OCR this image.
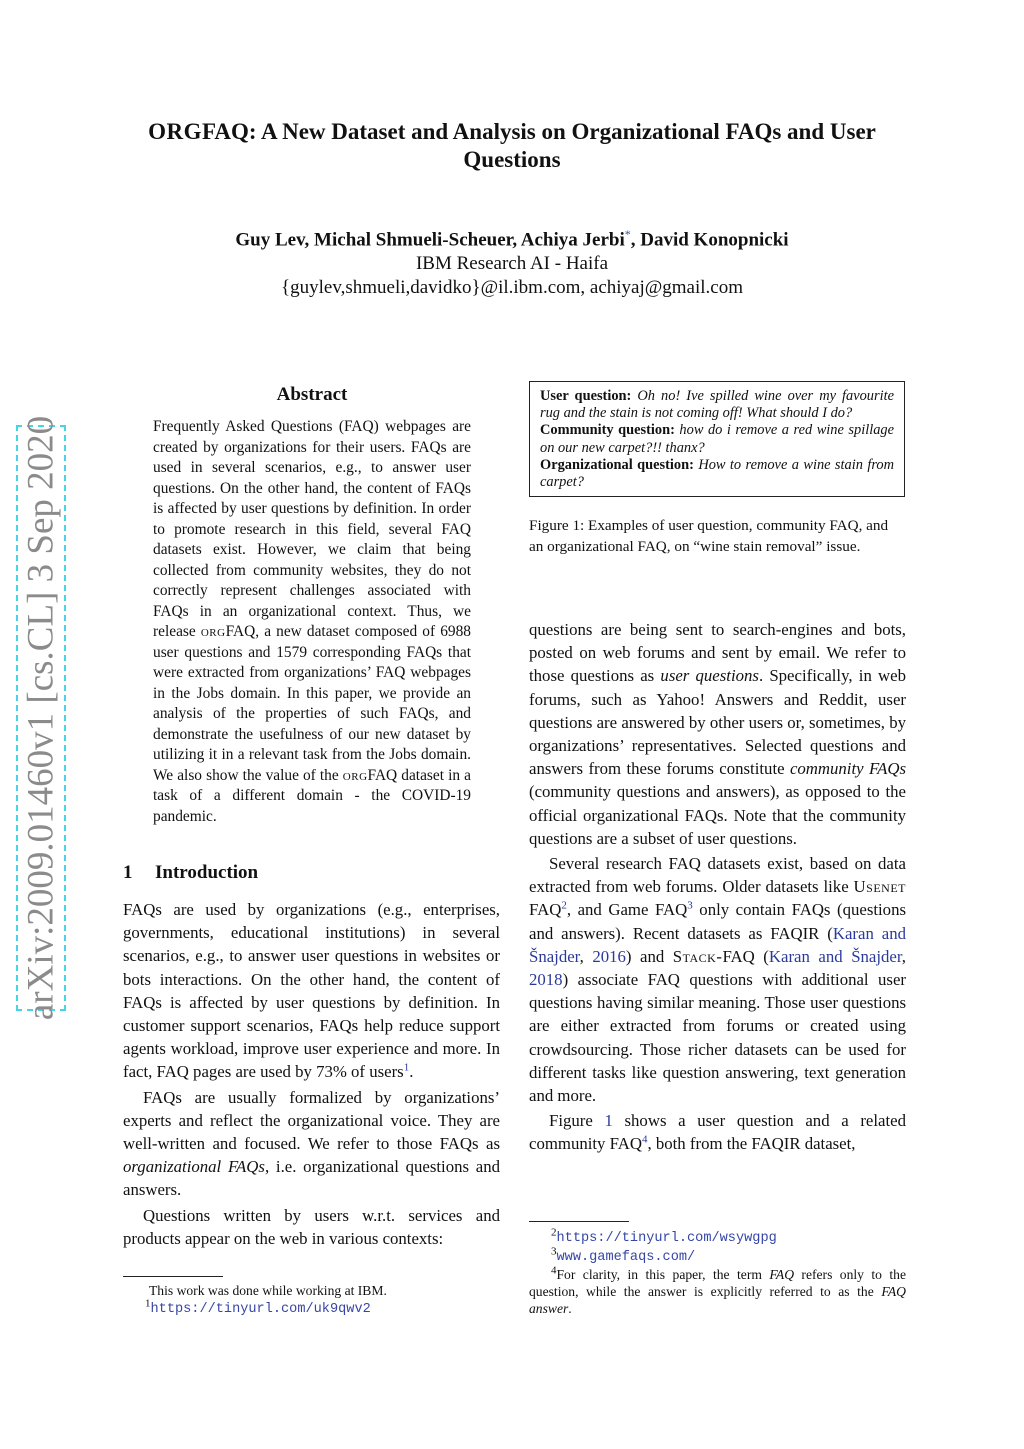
ORGFAQ: A New Dataset and Analysis on Organizational FAQs and User Questions
Guy Lev, Michal Shmueli-Scheuer, Achiya Jerbi*, David Konopnicki
IBM Research AI - Haifa
{guylev,shmueli,davidko}@il.ibm.com, achiyaj@gmail.com
arXiv:2009.01460v1 [cs.CL] 3 Sep 2020
Abstract
Frequently Asked Questions (FAQ) webpages are created by organizations for their users. FAQs are used in several scenarios, e.g., to answer user questions. On the other hand, the content of FAQs is affected by user questions by definition. In order to promote research in this field, several FAQ datasets exist. However, we claim that being collected from community websites, they do not correctly represent challenges associated with FAQs in an organizational context. Thus, we release orgFAQ, a new dataset composed of 6988 user questions and 1579 corresponding FAQs that were extracted from organizations’ FAQ webpages in the Jobs domain. In this paper, we provide an analysis of the properties of such FAQs, and demonstrate the usefulness of our new dataset by utilizing it in a relevant task from the Jobs domain. We also show the value of the orgFAQ dataset in a task of a different domain - the COVID-19 pandemic.
1 Introduction

FAQs are used by organizations (e.g., enterprises, governments, educational institutions) in several scenarios, e.g., to answer user questions in websites or bots interactions. On the other hand, the content of FAQs is affected by user questions by definition. In customer support scenarios, FAQs help reduce support agents workload, improve user experience and more. In fact, FAQ pages are used by 73% of users$^1$.

FAQs are usually formalized by organizations’ experts and reflect the organizational voice. They are well-written and focused. We refer to those FAQs as organizational FAQs, i.e. organizational questions and answers.

Questions written by users w.r.t. services and products appear on the web in various contexts:

This work was done while working at IBM.
$^1$https://tinyurl.com/uk9qwv2
User question: Oh no! Ive spilled wine over my favourite rug and the stain is not coming off! What should I do?
Community question: how do i remove a red wine spillage on our new carpet?!! thanx?
Organizational question: How to remove a wine stain from carpet?
Figure 1: Examples of user question, community FAQ, and an organizational FAQ, on “wine stain removal” issue.

questions are being sent to search-engines and bots, posted on web forums and sent by email. We refer to those questions as user questions. Specifically, in web forums, such as Yahoo! Answers and Reddit, user questions are answered by other users or, sometimes, by organizations’ representatives. Selected questions and answers from these forums constitute community FAQs (community questions and answers), as opposed to the official organizational FAQs. Note that the community questions are a subset of user questions.

Several research FAQ datasets exist, based on data extracted from web forums. Older datasets like Usenet FAQ$^2$, and Game FAQ$^3$ only contain FAQs (questions and answers). Recent datasets as FAQIR (Karan and Šnajder, 2016) and Stack-FAQ (Karan and Šnajder, 2018) associate FAQ questions with additional user questions having similar meaning. Those user questions are either extracted from forums or created using crowdsourcing. Those richer datasets can be used for different tasks like question answering, text generation and more.

Figure 1 shows a user question and a related community FAQ$^4$, both from the FAQIR dataset,

$^2$https://tinyurl.com/wsywgpg
$^3$www.gamefaqs.com/
$^4$For clarity, in this paper, the term FAQ refers only to the question, while the answer is explicitly referred to as the FAQ answer.
